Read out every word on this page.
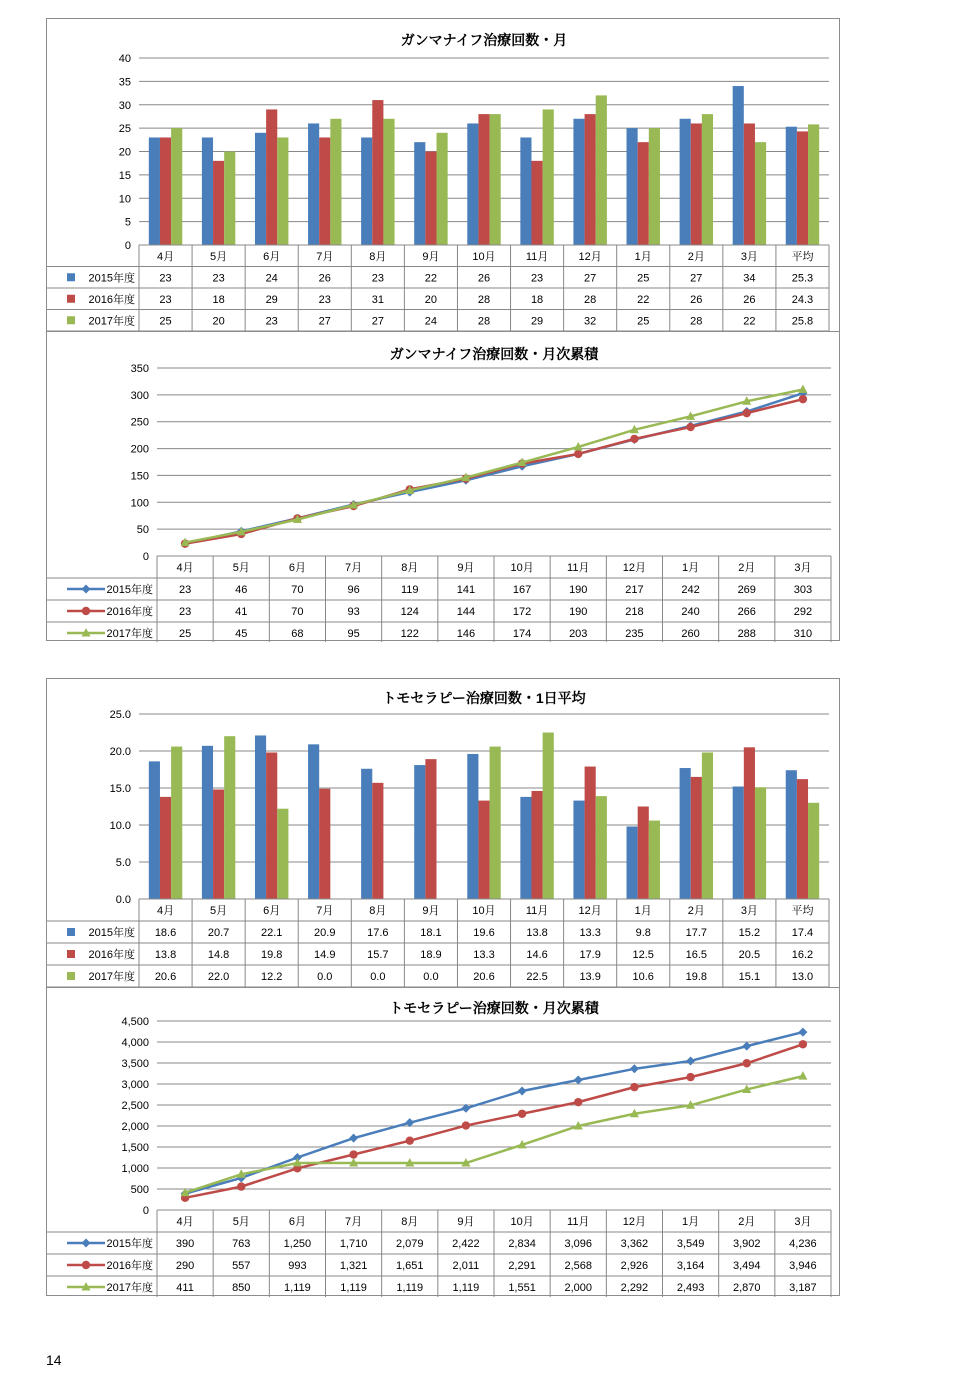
ガンマナイフ治療回数・月
0
5
10
15
20
25
30
35
40
4月	5月	6月	7月	8月	9月	10月	11月	12月	1月	2月	3月	平均
2015年度 23	23	24	26	23	22	26	23	27	25	27	34	25.3
2016年度 23	18	29	23	31	20	28	18	28	22	26	26	24.3
2017年度 25	20	23	27	27	24	28	29	32	25	28	22	25.8
ガンマナイフ治療回数・月次累積
0
50
100
150
200
250
300
350
4月	5月	6月	7月	8月	9月	10月	11月	12月	1月	2月	3月
2015年度 23	46	70	96	119	141	167	190	217	242	269	303
2016年度 23	41	70	93	124	144	172	190	218	240	266	292
2017年度 25	45	68	95	122	146	174	203	235	260	288	310
トモセラピー治療回数・1日平均
0.0
5.0
10.0
15.0
20.0
25.0
4月	5月	6月	7月	8月	9月	10月	11月	12月	1月	2月	3月	平均
2015年度 18.6	20.7	22.1	20.9	17.6	18.1	19.6	13.8	13.3	9.8	17.7	15.2	17.4
2016年度 13.8	14.8	19.8	14.9	15.7	18.9	13.3	14.6	17.9	12.5	16.5	20.5	16.2
2017年度 20.6	22.0	12.2	0.0	0.0	0.0	20.6	22.5	13.9	10.6	19.8	15.1	13.0
トモセラピー治療回数・月次累積
0
500
1,000
1,500
2,000
2,500
3,000
3,500
4,000
4,500
4月	5月	6月	7月	8月	9月	10月	11月	12月	1月	2月	3月
2015年度 390	763	1,250	1,710	2,079	2,422	2,834	3,096	3,362	3,549	3,902	4,236
2016年度 290	557	993	1,321	1,651	2,011	2,291	2,568	2,926	3,164	3,494	3,946
2017年度 411	850	1,119	1,119	1,119	1,119	1,551	2,000	2,292	2,493	2,870	3,187
14
